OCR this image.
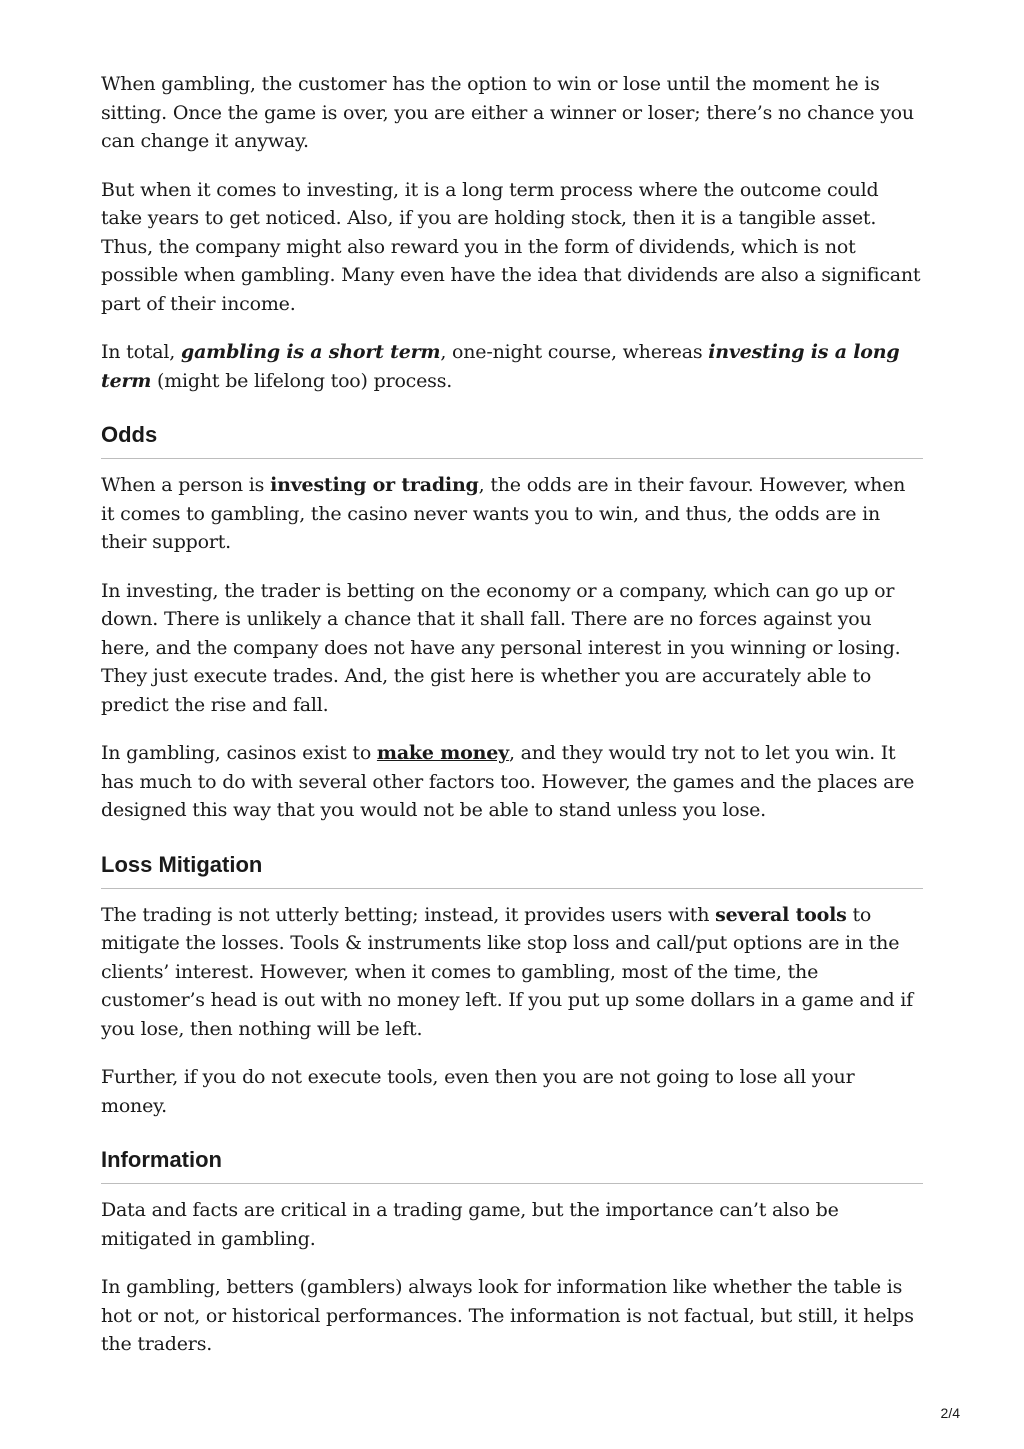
When gambling, the customer has the option to win or lose until the moment he is sitting. Once the game is over, you are either a winner or loser; there’s no chance you can change it anyway.

But when it comes to investing, it is a long term process where the outcome could take years to get noticed. Also, if you are holding stock, then it is a tangible asset. Thus, the company might also reward you in the form of dividends, which is not possible when gambling. Many even have the idea that dividends are also a significant part of their income.

In total, gambling is a short term, one-night course, whereas investing is a long term (might be lifelong too) process.

Odds

When a person is investing or trading, the odds are in their favour. However, when it comes to gambling, the casino never wants you to win, and thus, the odds are in their support.

In investing, the trader is betting on the economy or a company, which can go up or down. There is unlikely a chance that it shall fall. There are no forces against you here, and the company does not have any personal interest in you winning or losing. They just execute trades. And, the gist here is whether you are accurately able to predict the rise and fall.

In gambling, casinos exist to make money, and they would try not to let you win. It has much to do with several other factors too. However, the games and the places are designed this way that you would not be able to stand unless you lose.

Loss Mitigation

The trading is not utterly betting; instead, it provides users with several tools to mitigate the losses. Tools & instruments like stop loss and call/put options are in the clients’ interest. However, when it comes to gambling, most of the time, the customer’s head is out with no money left. If you put up some dollars in a game and if you lose, then nothing will be left.

Further, if you do not execute tools, even then you are not going to lose all your money.

Information

Data and facts are critical in a trading game, but the importance can’t also be mitigated in gambling.

In gambling, betters (gamblers) always look for information like whether the table is hot or not, or historical performances. The information is not factual, but still, it helps the traders.

2/4
